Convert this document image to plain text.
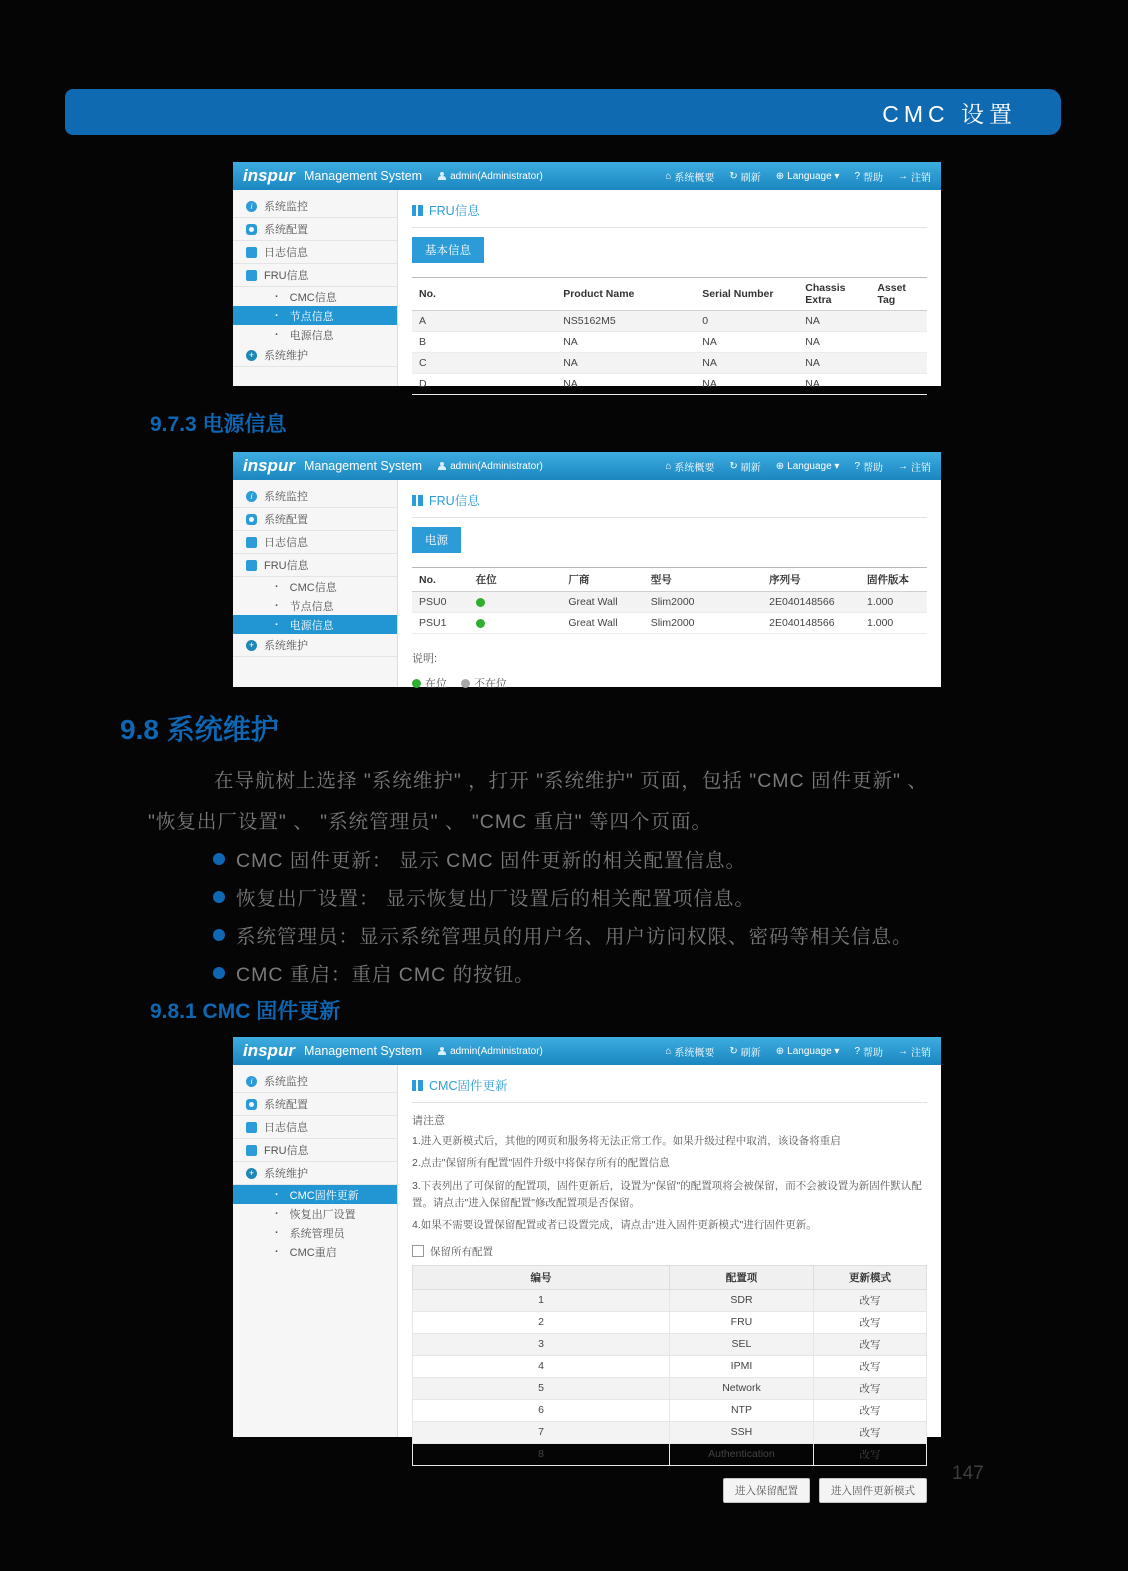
CMC 设置
inspur Management System	admin(Administrator) ⌂	系统概要 ↻	刷新 ⊕	Language ▾ ? 帮助 →	注销
i
系统监控
系统配置
日志信息
FRU信息
· CMC信息
· 节点信息
· 电源信息
+
系统维护
FRU信息
基本信息
No.	Product Name	Serial Number	Chassis Extra	Asset Tag
A	NS5162M5	0	NA	
B	NA	NA	NA	
C	NA	NA	NA	
D	NA	NA	NA	
9.7.3 电源信息
inspur Management System	admin(Administrator) ⌂	系统概要 ↻	刷新 ⊕	Language ▾ ? 帮助 →	注销
i
系统监控
系统配置
日志信息
FRU信息
· CMC信息
· 节点信息
· 电源信息
+
系统维护
FRU信息
电源
No.	在位	厂商	型号	序列号	固件版本
PSU0		Great Wall	Slim2000	2E040148566	1.000
PSU1		Great Wall	Slim2000	2E040148566	1.000
说明:
在位 不在位
9.8 系统维护
在导航树上选择 "系统维护" ，打开 "系统维护" 页面，包括 "CMC 固件更新" 、
"恢复出厂设置" 、 "系统管理员" 、 "CMC 重启" 等四个页面。
CMC 固件更新： 显示 CMC 固件更新的相关配置信息。
恢复出厂设置： 显示恢复出厂设置后的相关配置项信息。
系统管理员：显示系统管理员的用户名、用户访问权限、密码等相关信息。
CMC 重启：重启 CMC 的按钮。
9.8.1 CMC 固件更新
inspur Management System	admin(Administrator) ⌂	系统概要 ↻	刷新 ⊕	Language ▾ ? 帮助 →	注销
i
系统监控
系统配置
日志信息
FRU信息
+
系统维护
· CMC固件更新
· 恢复出厂设置
· 系统管理员
· CMC重启
CMC固件更新
请注意
1.进入更新模式后，其他的网页和服务将无法正常工作。如果升级过程中取消，该设备将重启
2.点击"保留所有配置"固件升级中将保存所有的配置信息
3.下表列出了可保留的配置项，固件更新后，设置为"保留"的配置项将会被保留，而不会被设置为新固件默认配置。请点击"进入保留配置"修改配置项是否保留。
4.如果不需要设置保留配置或者已设置完成，请点击"进入固件更新模式"进行固件更新。
保留所有配置
编号	配置项	更新模式
1	SDR	改写
2	FRU	改写
3	SEL	改写
4	IPMI	改写
5	Network	改写
6	NTP	改写
7	SSH	改写
8	Authentication	改写
进入保留配置	进入固件更新模式
147
